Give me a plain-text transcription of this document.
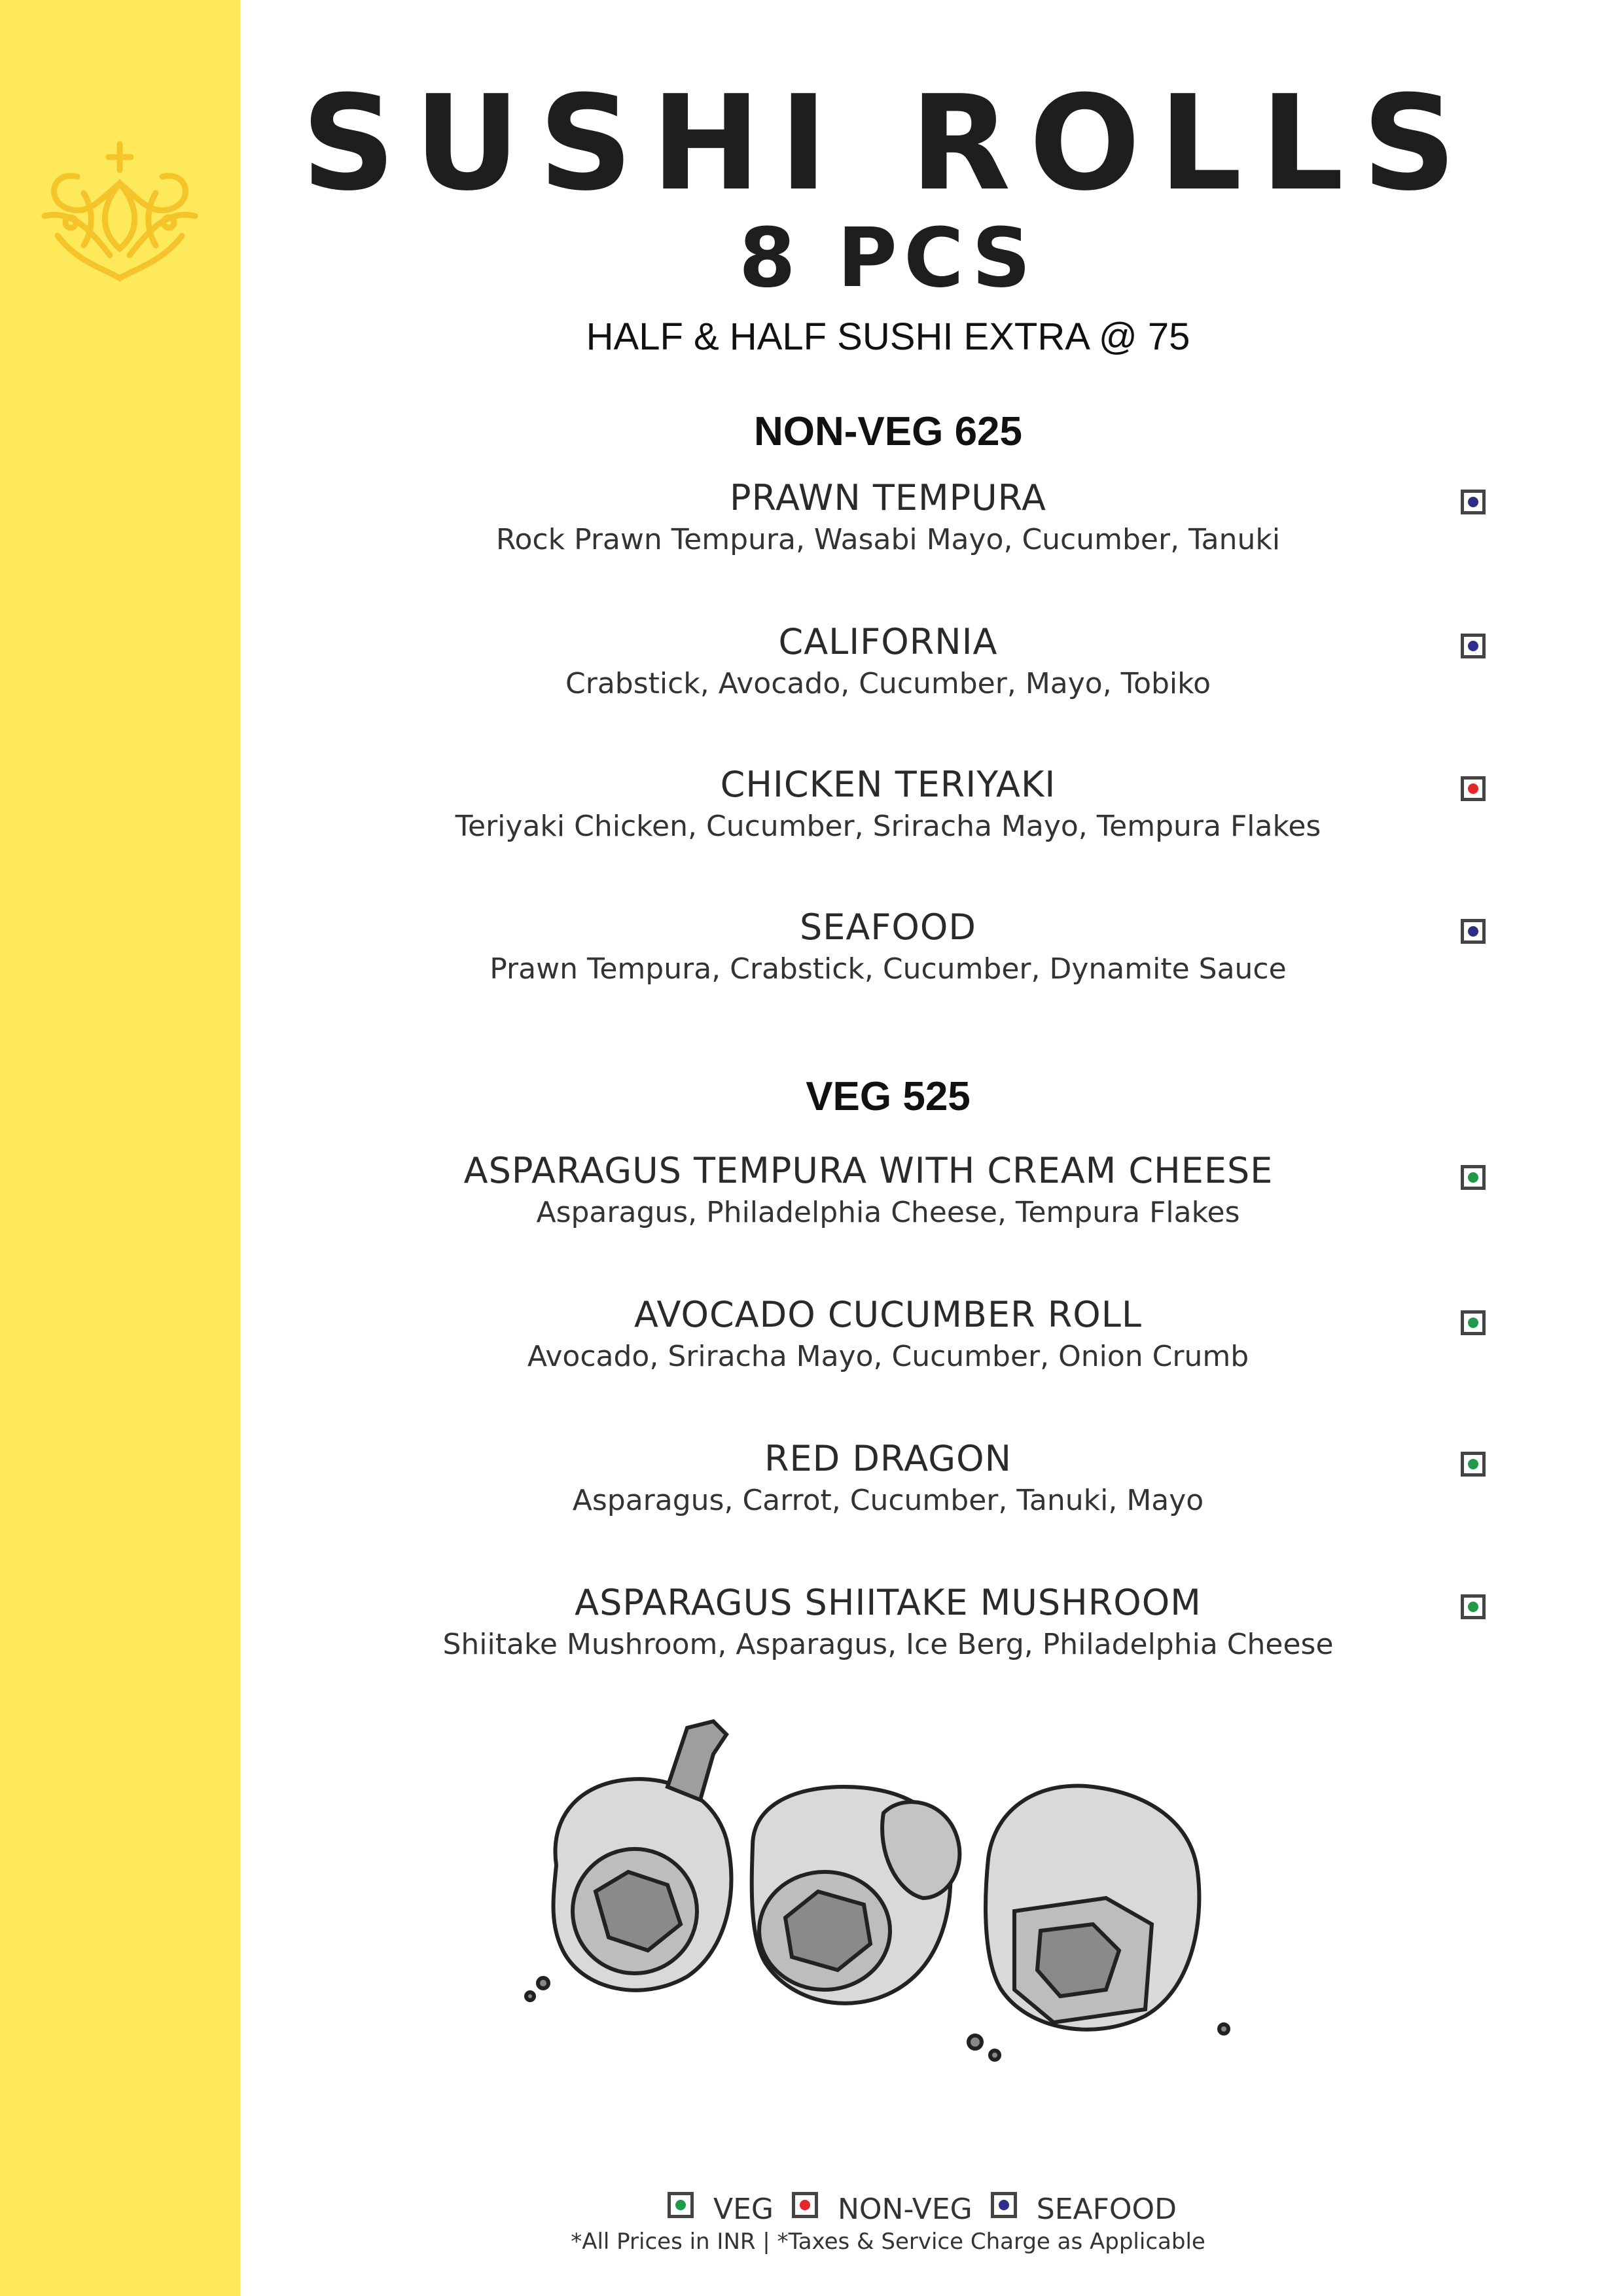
SUSHI ROLLS
8 PCS
HALF & HALF SUSHI EXTRA @ 75
NON-VEG 625
PRAWN TEMPURA
Rock Prawn Tempura, Wasabi Mayo, Cucumber, Tanuki
CALIFORNIA
Crabstick, Avocado, Cucumber, Mayo, Tobiko
CHICKEN TERIYAKI
Teriyaki Chicken, Cucumber, Sriracha Mayo, Tempura Flakes
SEAFOOD
Prawn Tempura, Crabstick, Cucumber, Dynamite Sauce
VEG 525
ASPARAGUS TEMPURA WITH CREAM CHEESE
Asparagus, Philadelphia Cheese, Tempura Flakes
AVOCADO CUCUMBER ROLL
Avocado, Sriracha Mayo, Cucumber, Onion Crumb
RED DRAGON
Asparagus, Carrot, Cucumber, Tanuki, Mayo
ASPARAGUS SHIITAKE MUSHROOM
Shiitake Mushroom, Asparagus, Ice Berg, Philadelphia Cheese
VEG NON-VEG SEAFOOD
*All Prices in INR | *Taxes & Service Charge as Applicable
